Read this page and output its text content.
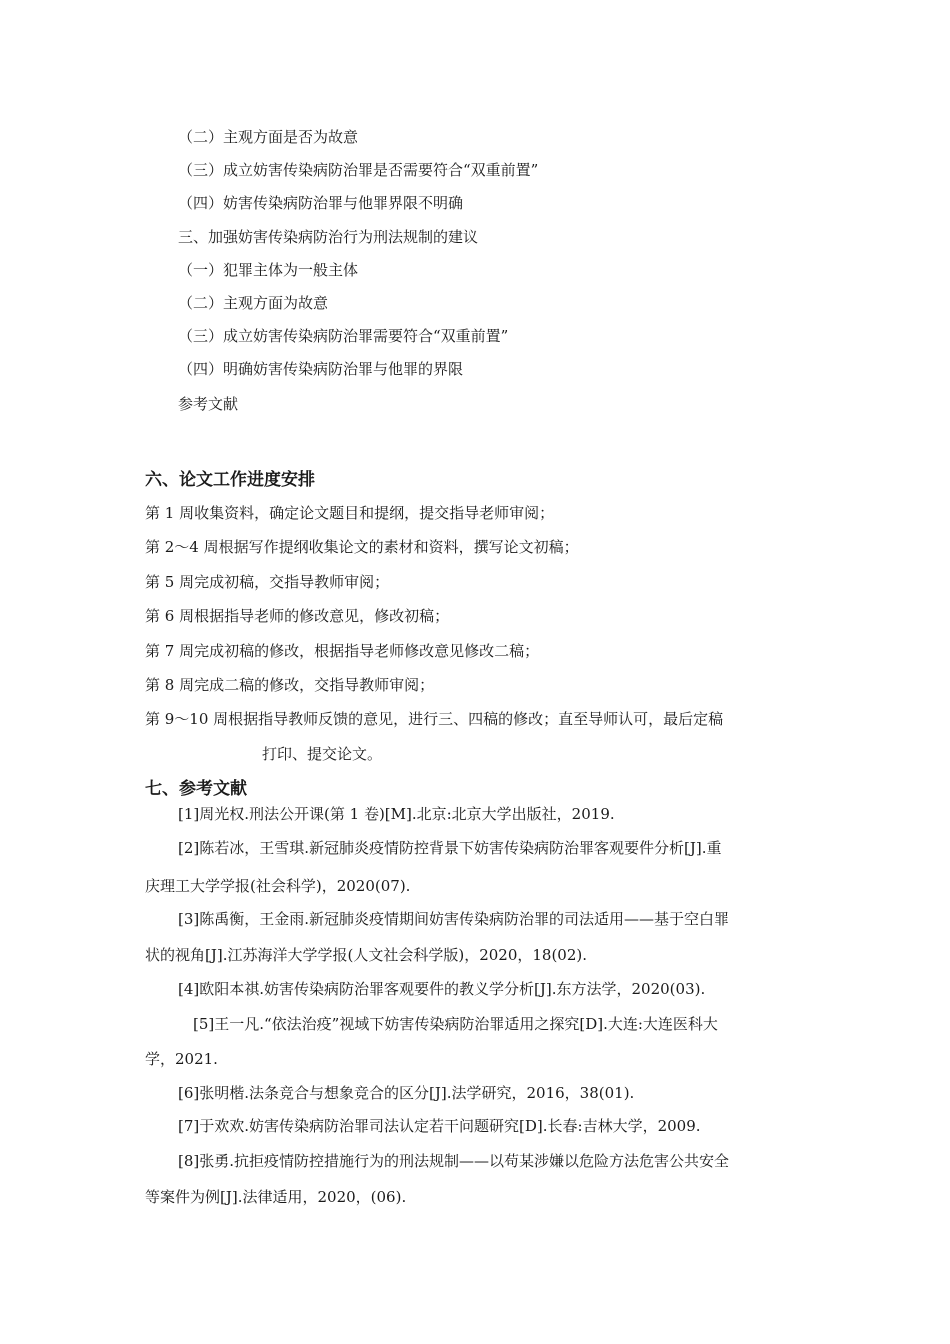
（二）主观方面是否为故意
（三）成立妨害传染病防治罪是否需要符合“双重前置”
（四）妨害传染病防治罪与他罪界限不明确
三、加强妨害传染病防治行为刑法规制的建议
（一）犯罪主体为一般主体
（二）主观方面为故意
（三）成立妨害传染病防治罪需要符合“双重前置”
（四）明确妨害传染病防治罪与他罪的界限
参考文献
六、论文工作进度安排
第 1 周收集资料，确定论文题目和提纲，提交指导老师审阅；
第 2～4 周根据写作提纲收集论文的素材和资料，撰写论文初稿；
第 5 周完成初稿，交指导教师审阅；
第 6 周根据指导老师的修改意见，修改初稿；
第 7 周完成初稿的修改，根据指导老师修改意见修改二稿；
第 8 周完成二稿的修改，交指导教师审阅；
第 9～10 周根据指导教师反馈的意见，进行三、四稿的修改；直至导师认可，最后定稿
打印、提交论文。
七、参考文献
[1]周光权.刑法公开课(第 1 卷)[M].北京:北京大学出版社，2019.
[2]陈若冰，王雪琪.新冠肺炎疫情防控背景下妨害传染病防治罪客观要件分析[J].重
庆理工大学学报(社会科学)，2020(07).
[3]陈禹衡，王金雨.新冠肺炎疫情期间妨害传染病防治罪的司法适用——基于空白罪
状的视角[J].江苏海洋大学学报(人文社会科学版)，2020，18(02).
[4]欧阳本祺.妨害传染病防治罪客观要件的教义学分析[J].东方法学，2020(03).
[5]王一凡.“依法治疫”视域下妨害传染病防治罪适用之探究[D].大连:大连医科大
学，2021.
[6]张明楷.法条竞合与想象竞合的区分[J].法学研究，2016，38(01).
[7]于欢欢.妨害传染病防治罪司法认定若干问题研究[D].长春:吉林大学，2009.
[8]张勇.抗拒疫情防控措施行为的刑法规制——以苟某涉嫌以危险方法危害公共安全
等案件为例[J].法律适用，2020，(06).
